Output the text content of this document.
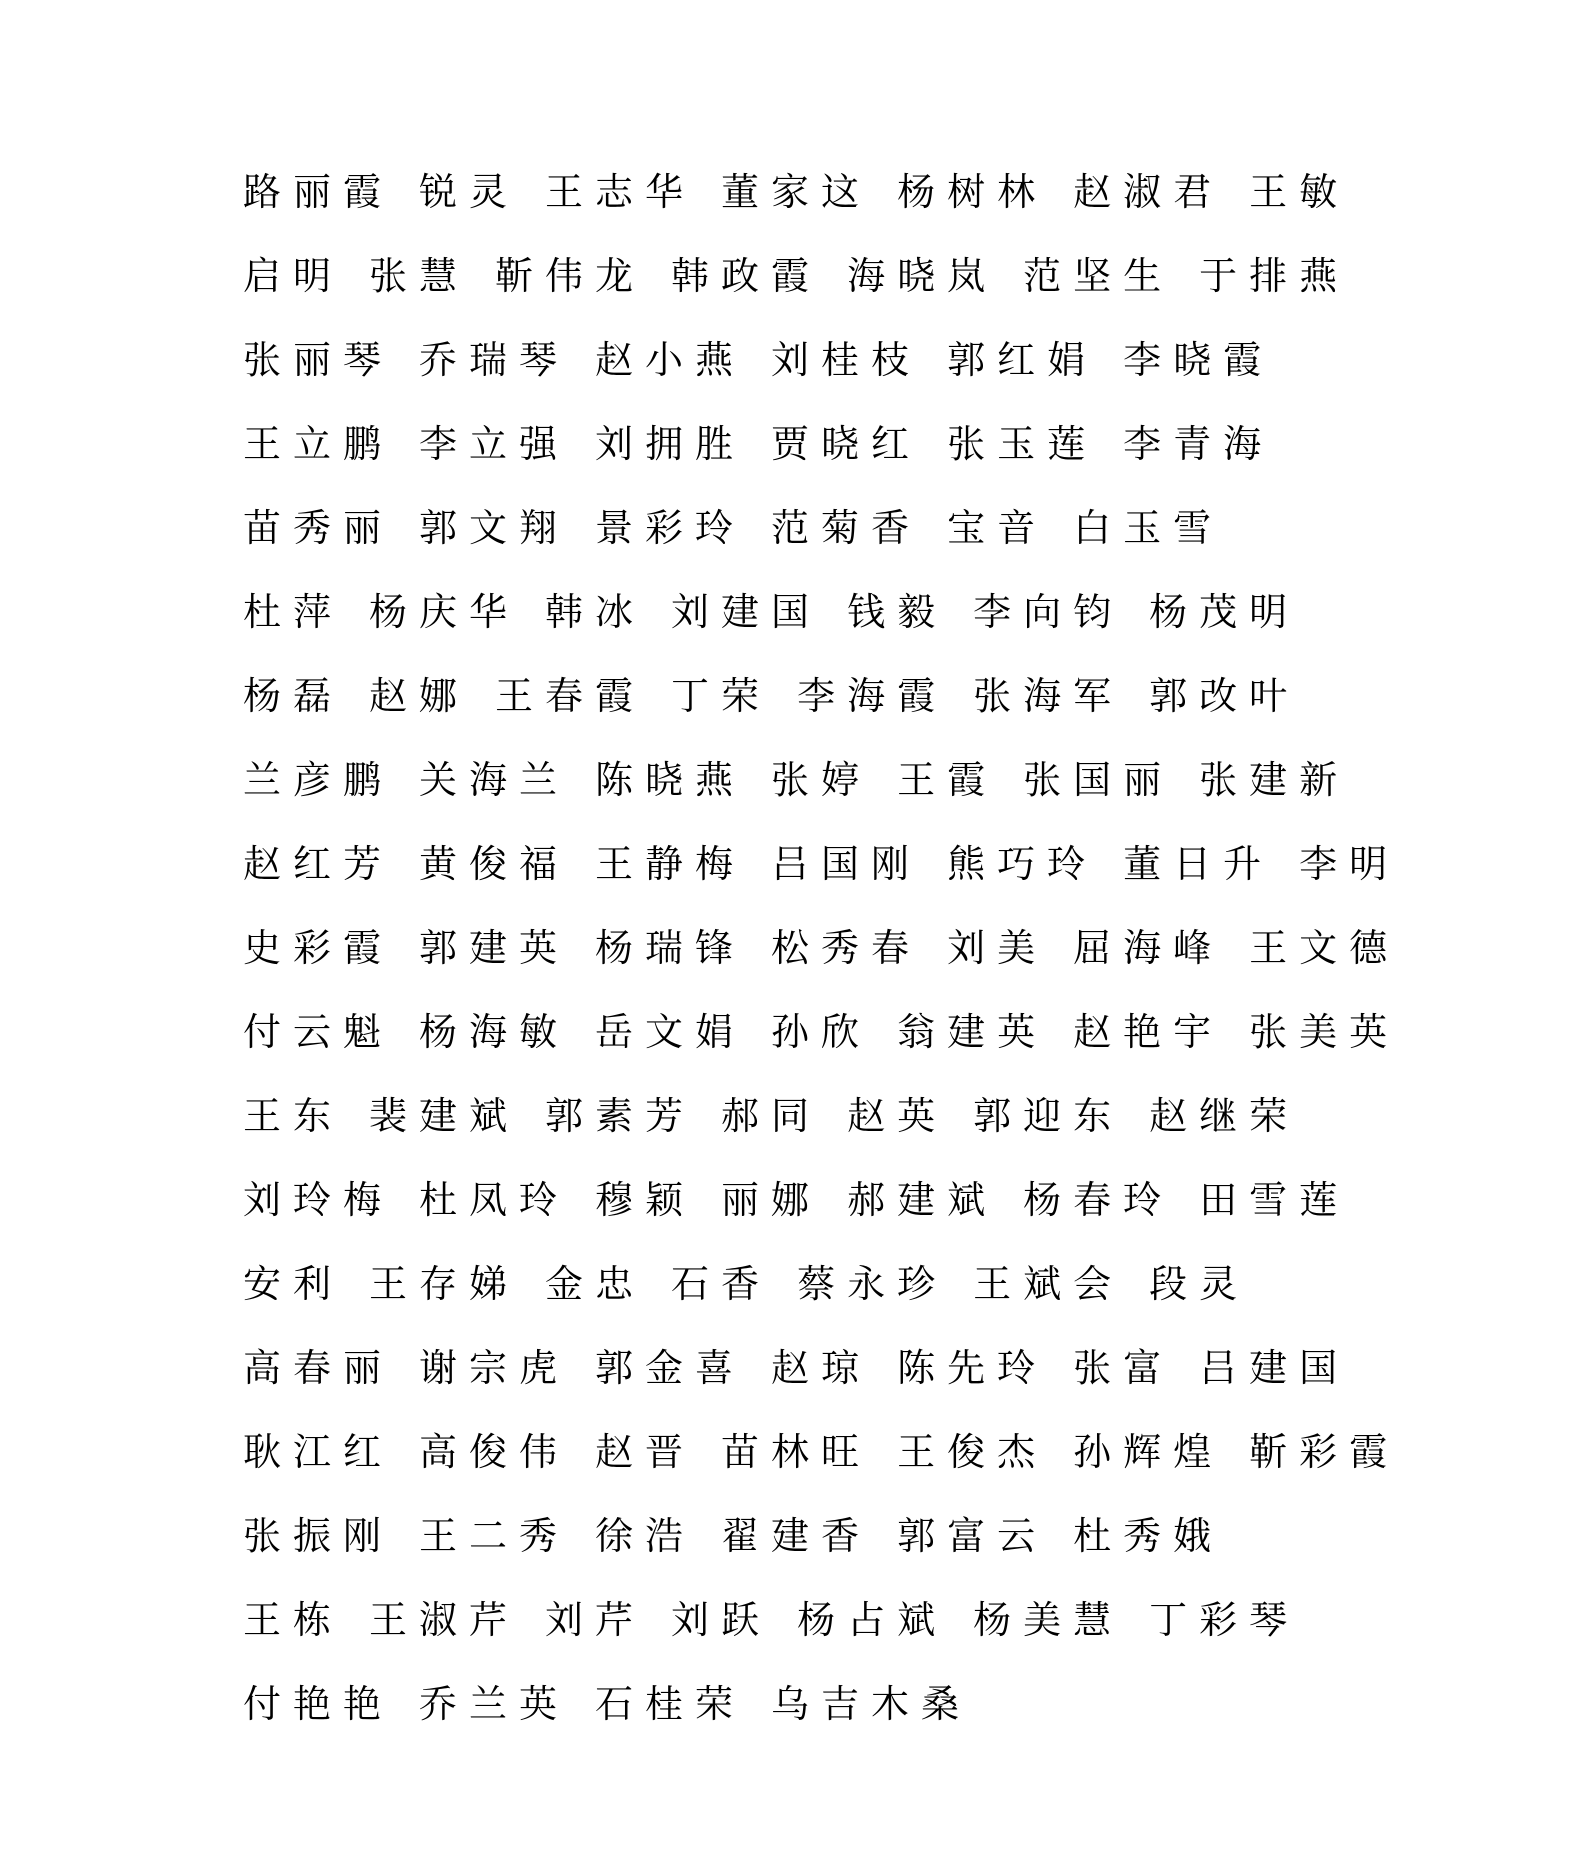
路丽霞 锐灵 王志华 董家这 杨树林 赵淑君 王敏
启明 张慧 靳伟龙 韩政霞 海晓岚 范坚生 于排燕
张丽琴 乔瑞琴 赵小燕 刘桂枝 郭红娟 李晓霞
王立鹏 李立强 刘拥胜 贾晓红 张玉莲 李青海
苗秀丽 郭文翔 景彩玲 范菊香 宝音 白玉雪
杜萍 杨庆华 韩冰 刘建国 钱毅 李向钧 杨茂明
杨磊 赵娜 王春霞 丁荣 李海霞 张海军 郭改叶
兰彦鹏 关海兰 陈晓燕 张婷 王霞 张国丽 张建新
赵红芳 黄俊福 王静梅 吕国刚 熊巧玲 董日升 李明
史彩霞 郭建英 杨瑞锋 松秀春 刘美 屈海峰 王文德
付云魁 杨海敏 岳文娟 孙欣 翁建英 赵艳宇 张美英
王东 裴建斌 郭素芳 郝同 赵英 郭迎东 赵继荣
刘玲梅 杜凤玲 穆颖 丽娜 郝建斌 杨春玲 田雪莲
安利 王存娣 金忠 石香 蔡永珍 王斌会 段灵
高春丽 谢宗虎 郭金喜 赵琼 陈先玲 张富 吕建国
耿江红 高俊伟 赵晋 苗林旺 王俊杰 孙辉煌 靳彩霞
张振刚 王二秀 徐浩 翟建香 郭富云 杜秀娥
王栋 王淑芹 刘芹 刘跃 杨占斌 杨美慧 丁彩琴
付艳艳 乔兰英 石桂荣 乌吉木桑
